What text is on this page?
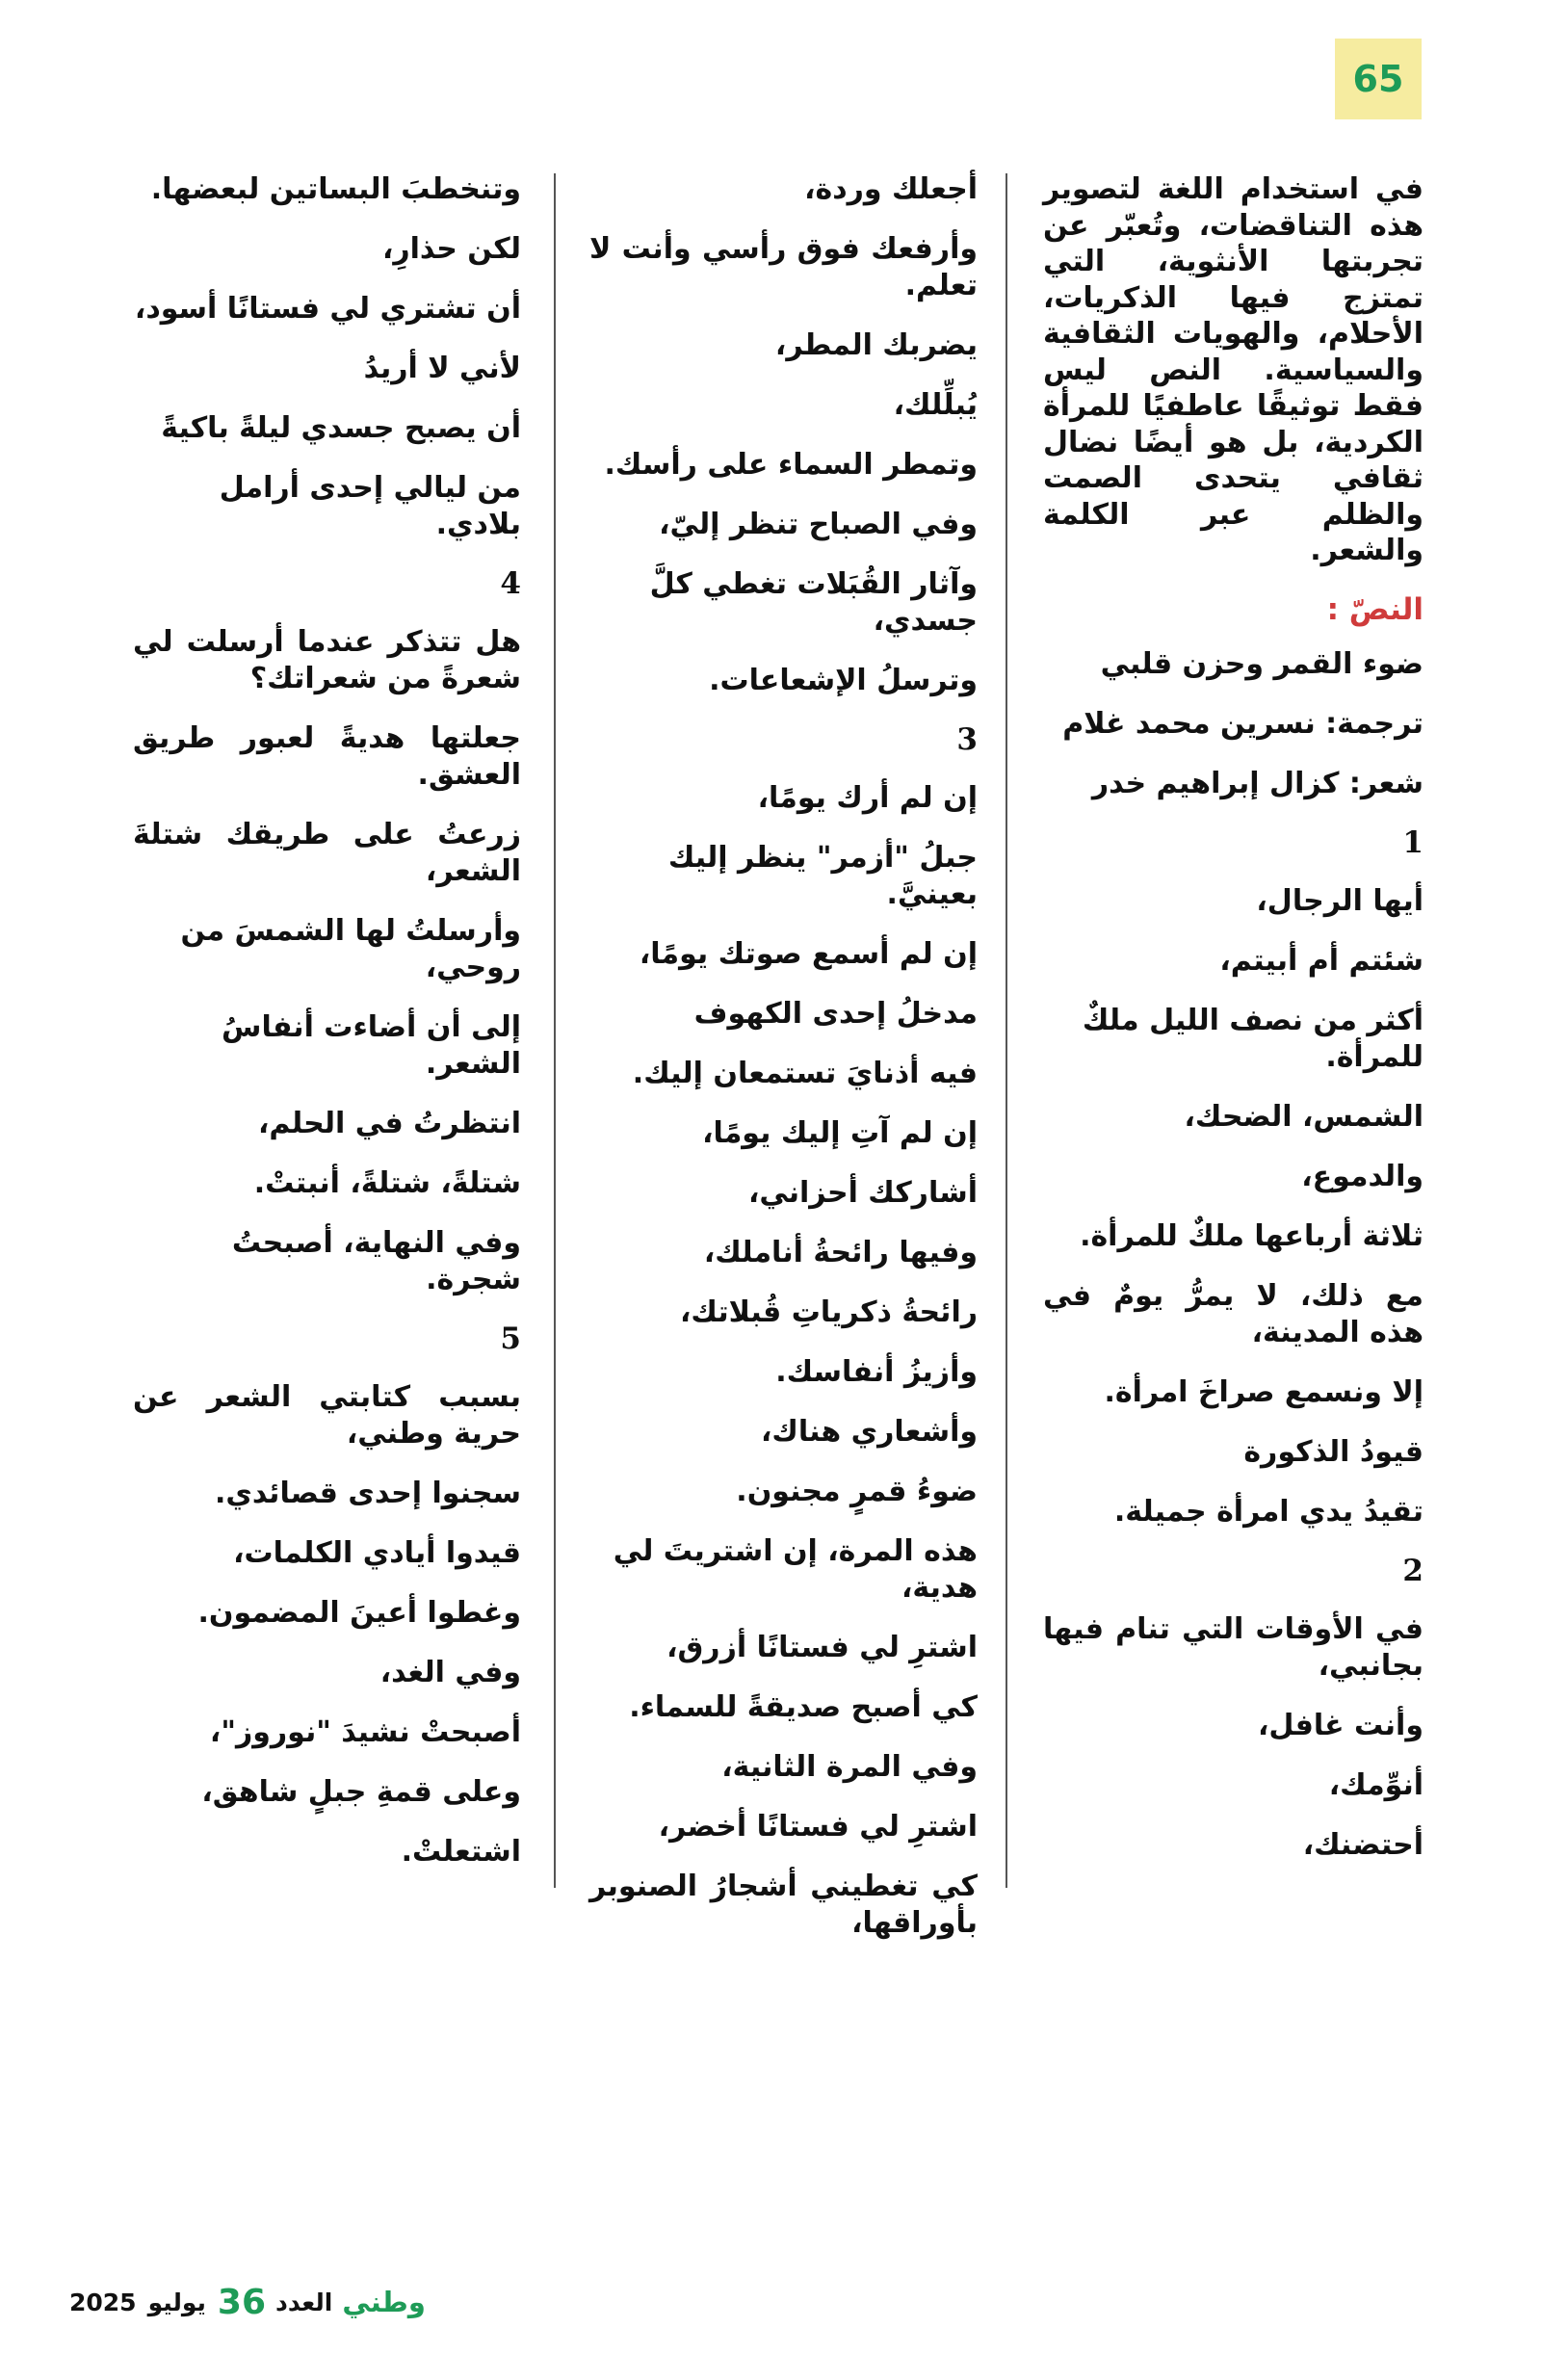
65

في استخدام اللغة لتصوير هذه التناقضات، وتُعبّر عن تجربتها الأنثوية، التي تمتزج فيها الذكريات، الأحلام، والهويات الثقافية والسياسية. النص ليس فقط توثيقًا عاطفيًا للمرأة الكردية، بل هو أيضًا نضال ثقافي يتحدى الصمت والظلم عبر الكلمة والشعر.

النصّ :

ضوء القمر وحزن قلبي

ترجمة: نسرين محمد غلام

شعر: كزال إبراهيم خدر

1

أيها الرجال،

شئتم أم أبيتم،

أكثر من نصف الليل ملكٌ للمرأة.

الشمس، الضحك،

والدموع،

ثلاثة أرباعها ملكٌ للمرأة.

مع ذلك، لا يمرُّ يومٌ في هذه المدينة،

إلا ونسمع صراخَ امرأة.

قيودُ الذكورة

تقيدُ يدي امرأة جميلة.

2

في الأوقات التي تنام فيها بجانبي،

وأنت غافل،

أنوِّمك،

أحتضنك،

أجعلك وردة،

وأرفعك فوق رأسي وأنت لا تعلم.

يضربك المطر،

يُبلِّلك،

وتمطر السماء على رأسك.

وفي الصباح تنظر إليّ،

وآثار القُبَلات تغطي كلَّ جسدي،

وترسلُ الإشعاعات.

3

إن لم أرك يومًا،

جبلُ "أزمر" ينظر إليك بعينيَّ.

إن لم أسمع صوتك يومًا،

مدخلُ إحدى الكهوف

فيه أذنايَ تستمعان إليك.

إن لم آتِ إليك يومًا،

أشاركك أحزاني،

وفيها رائحةُ أناملك،

رائحةُ ذكرياتِ قُبلاتك،

وأزيزُ أنفاسك.

وأشعاري هناك،

ضوءُ قمرٍ مجنون.

هذه المرة، إن اشتريتَ لي هدية،

اشترِ لي فستانًا أزرق،

كي أصبح صديقةً للسماء.

وفي المرة الثانية،

اشترِ لي فستانًا أخضر،

كي تغطيني أشجارُ الصنوبر بأوراقها،

وتنخطبَ البساتين لبعضها.

لكن حذارِ،

أن تشتري لي فستانًا أسود،

لأني لا أريدُ

أن يصبح جسدي ليلةً باكيةً

من ليالي إحدى أرامل بلادي.

4

هل تتذكر عندما أرسلت لي شعرةً من شعراتك؟

جعلتها هديةً لعبور طريق العشق.

زرعتُ على طريقك شتلةَ الشعر،

وأرسلتُ لها الشمسَ من روحي،

إلى أن أضاءت أنفاسُ الشعر.

انتظرتُ في الحلم،

شتلةً، شتلةً، أنبتتْ.

وفي النهاية، أصبحتُ شجرة.

5

بسبب كتابتي الشعر عن حرية وطني،

سجنوا إحدى قصائدي.

قيدوا أيادي الكلمات،

وغطوا أعينَ المضمون.

وفي الغد،

أصبحتْ نشيدَ "نوروز"،

وعلى قمةِ جبلٍ شاهق،

اشتعلتْ.

وطني
العدد
36
يوليو
2025
